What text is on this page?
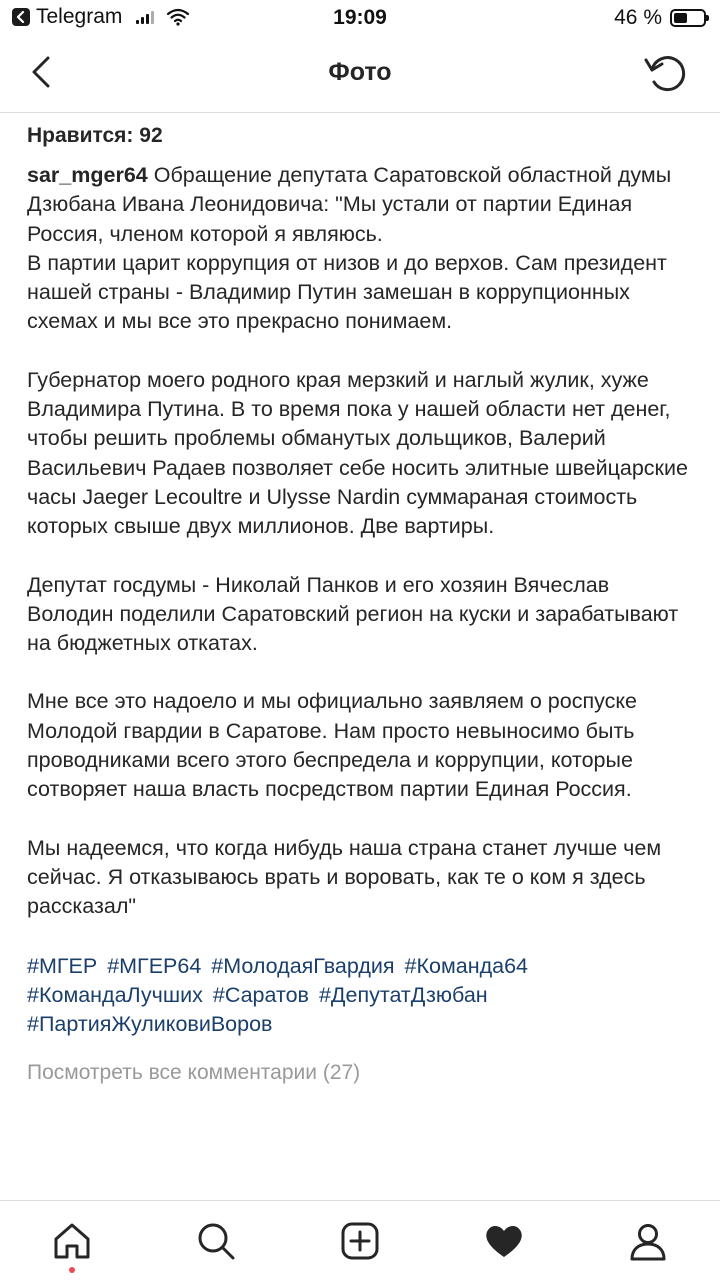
Telegram	19:09	46 %
Фото
Нравится: 92

sar_mger64 Обращение депутата Саратовской областной думы Дзюбана Ивана Леонидовича: "Мы устали от партии Единая Россия, членом которой я являюсь.

В партии царит коррупция от низов и до верхов. Сам президент нашей страны - Владимир Путин замешан в коррупционных схемах и мы все это прекрасно понимаем.

Губернатор моего родного края мерзкий и наглый жулик, хуже Владимира Путина. В то время пока у нашей области нет денег, чтобы решить проблемы обманутых дольщиков, Валерий Васильевич Радаев позволяет себе носить элитные швейцарские часы Jaeger Lecoultre и Ulysse Nardin суммараная стоимость которых свыше двух миллионов. Две вартиры.

Депутат госдумы - Николай Панков и его хозяин Вячеслав Володин поделили Саратовский регион на куски и зарабатывают на бюджетных откатах.

Мне все это надоело и мы официально заявляем о роспуске Молодой гвардии в Саратове. Нам просто невыносимо быть проводниками всего этого беспредела и коррупции, которые сотворяет наша власть посредством партии Единая Россия.

Мы надеемся, что когда нибудь наша страна станет лучше чем сейчас. Я отказываюсь врать и воровать, как те о ком я здесь рассказал"

#МГЕР #МГЕР64 #МолодаяГвардия #Команда64
#КомандаЛучших #Саратов #ДепутатДзюбан
#ПартияЖуликовиВоров
Посмотреть все комментарии (27)
